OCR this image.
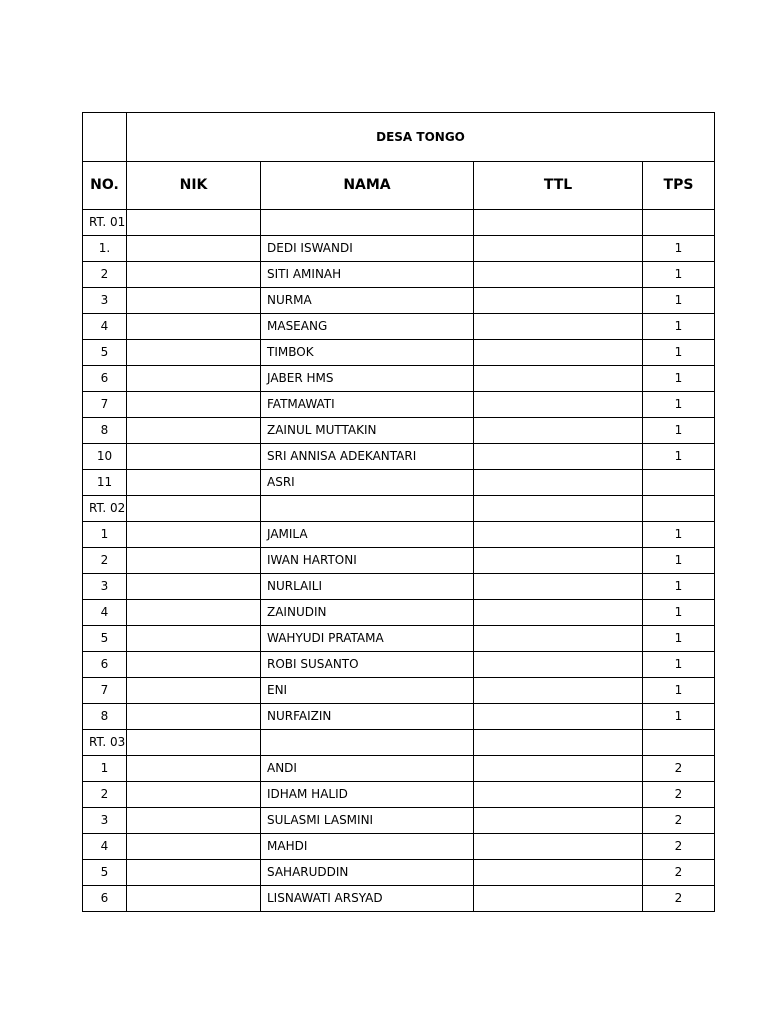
	DESA TONGO			
NO.	NIK	NAMA	TTL	TPS
RT. 01				
1.		DEDI ISWANDI		1
2		SITI AMINAH		1
3		NURMA		1
4		MASEANG		1
5		TIMBOK		1
6		JABER HMS		1
7		FATMAWATI		1
8		ZAINUL MUTTAKIN		1
10		SRI ANNISA ADEKANTARI		1
11		ASRI		
RT. 02				
1		JAMILA		1
2		IWAN HARTONI		1
3		NURLAILI		1
4		ZAINUDIN		1
5		WAHYUDI PRATAMA		1
6		ROBI SUSANTO		1
7		ENI		1
8		NURFAIZIN		1
RT. 03				
1		ANDI		2
2		IDHAM HALID		2
3		SULASMI LASMINI		2
4		MAHDI		2
5		SAHARUDDIN		2
6		LISNAWATI ARSYAD		2
